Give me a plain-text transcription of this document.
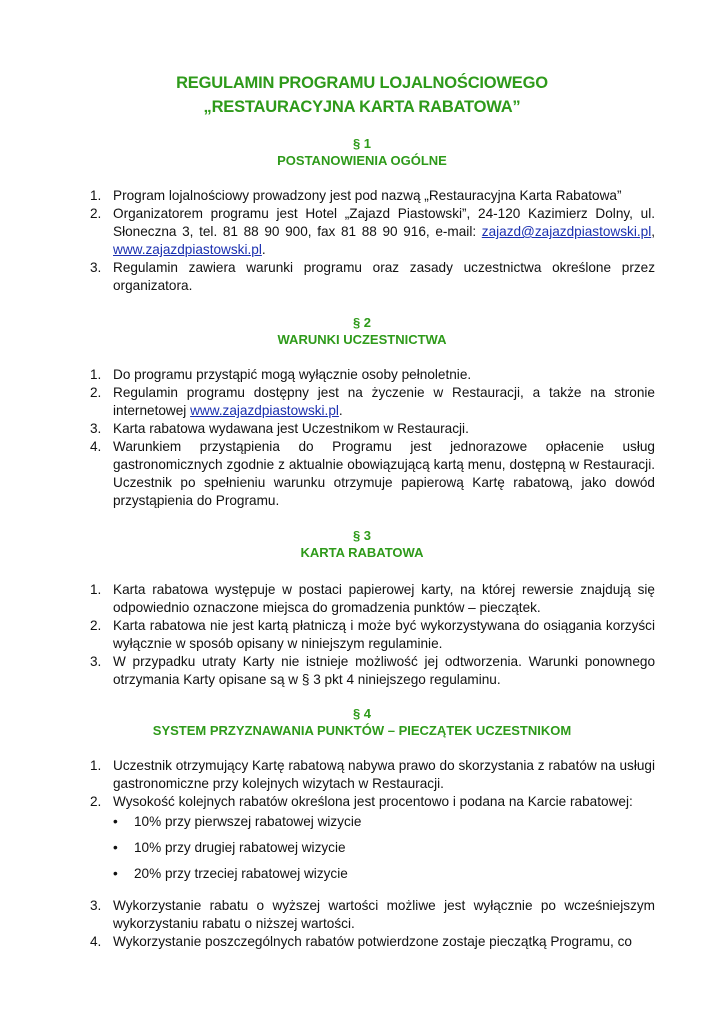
REGULAMIN PROGRAMU LOJALNOŚCIOWEGO
„RESTAURACYJNA KARTA RABATOWA”
§ 1
POSTANOWIENIA OGÓLNE
1. Program lojalnościowy prowadzony jest pod nazwą „Restauracyjna Karta Rabatowa”
2. Organizatorem programu jest Hotel „Zajazd Piastowski”, 24-120 Kazimierz Dolny, ul. Słoneczna 3, tel. 81 88 90 900, fax 81 88 90 916, e-mail: zajazd@zajazdpiastowski.pl, www.zajazdpiastowski.pl.
3. Regulamin zawiera warunki programu oraz zasady uczestnictwa określone przez organizatora.
§ 2
WARUNKI UCZESTNICTWA
1. Do programu przystąpić mogą wyłącznie osoby pełnoletnie.
2. Regulamin programu dostępny jest na życzenie w Restauracji, a także na stronie internetowej www.zajazdpiastowski.pl.
3. Karta rabatowa wydawana jest Uczestnikom w Restauracji.
4. Warunkiem przystąpienia do Programu jest jednorazowe opłacenie usług gastronomicznych zgodnie z aktualnie obowiązującą kartą menu, dostępną w Restauracji. Uczestnik po spełnieniu warunku otrzymuje papierową Kartę rabatową, jako dowód przystąpienia do Programu.
§ 3
KARTA RABATOWA
1. Karta rabatowa występuje w postaci papierowej karty, na której rewersie znajdują się odpowiednio oznaczone miejsca do gromadzenia punktów – pieczątek.
2. Karta rabatowa nie jest kartą płatniczą i może być wykorzystywana do osiągania korzyści wyłącznie w sposób opisany w niniejszym regulaminie.
3. W przypadku utraty Karty nie istnieje możliwość jej odtworzenia. Warunki ponownego otrzymania Karty opisane są w § 3 pkt 4 niniejszego regulaminu.
§ 4
SYSTEM PRZYZNAWANIA PUNKTÓW – PIECZĄTEK UCZESTNIKOM
1. Uczestnik otrzymujący Kartę rabatową nabywa prawo do skorzystania z rabatów na usługi gastronomiczne przy kolejnych wizytach w Restauracji.
2. Wysokość kolejnych rabatów określona jest procentowo i podana na Karcie rabatowej:
• 10% przy pierwszej rabatowej wizycie
• 10% przy drugiej rabatowej wizycie
• 20% przy trzeciej rabatowej wizycie
3. Wykorzystanie rabatu o wyższej wartości możliwe jest wyłącznie po wcześniejszym wykorzystaniu rabatu o niższej wartości.
4. Wykorzystanie poszczególnych rabatów potwierdzone zostaje pieczątką Programu, co
